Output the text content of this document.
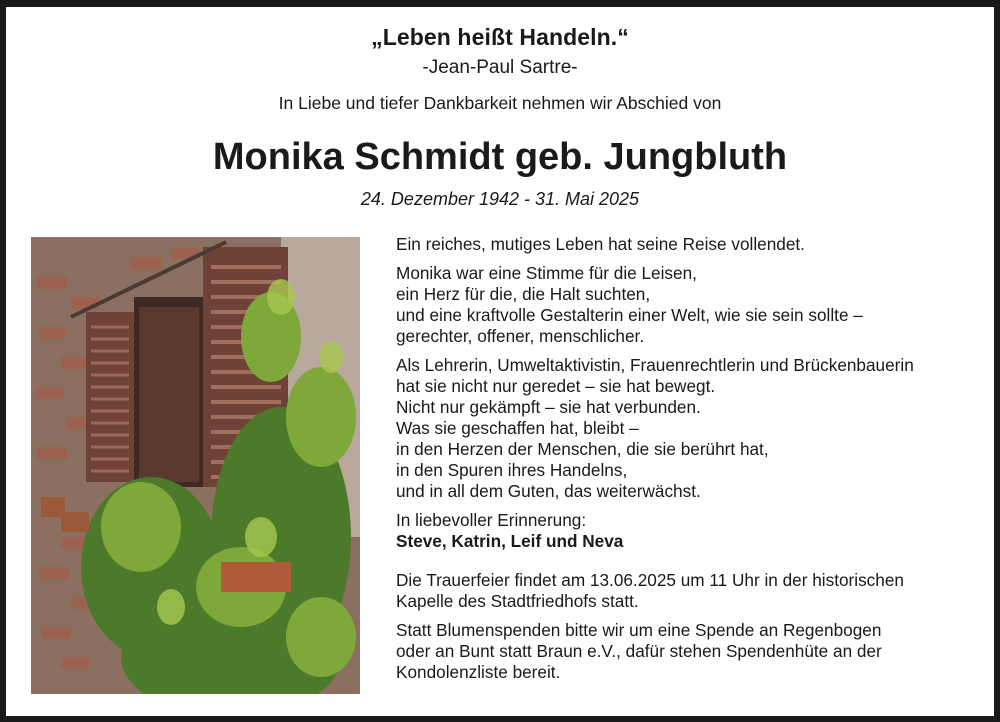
„Leben heißt Handeln.“
-Jean-Paul Sartre-
In Liebe und tiefer Dankbarkeit nehmen wir Abschied von
Monika Schmidt geb. Jungbluth
24. Dezember 1942 - 31. Mai 2025
Ein reiches, mutiges Leben hat seine Reise vollendet.
Monika war eine Stimme für die Leisen,
ein Herz für die, die Halt suchten,
und eine kraftvolle Gestalterin einer Welt, wie sie sein sollte –
gerechter, offener, menschlicher.
Als Lehrerin, Umweltaktivistin, Frauenrechtlerin und Brückenbauerin
hat sie nicht nur geredet – sie hat bewegt.
Nicht nur gekämpft – sie hat verbunden.
Was sie geschaffen hat, bleibt –
in den Herzen der Menschen, die sie berührt hat,
in den Spuren ihres Handelns,
und in all dem Guten, das weiterwächst.
In liebevoller Erinnerung:
Steve, Katrin, Leif und Neva
Die Trauerfeier findet am 13.06.2025 um 11 Uhr in der historischen
Kapelle des Stadtfriedhofs statt.
Statt Blumenspenden bitte wir um eine Spende an Regenbogen
oder an Bunt statt Braun e.V., dafür stehen Spendenhüte an der
Kondolenzliste bereit.
